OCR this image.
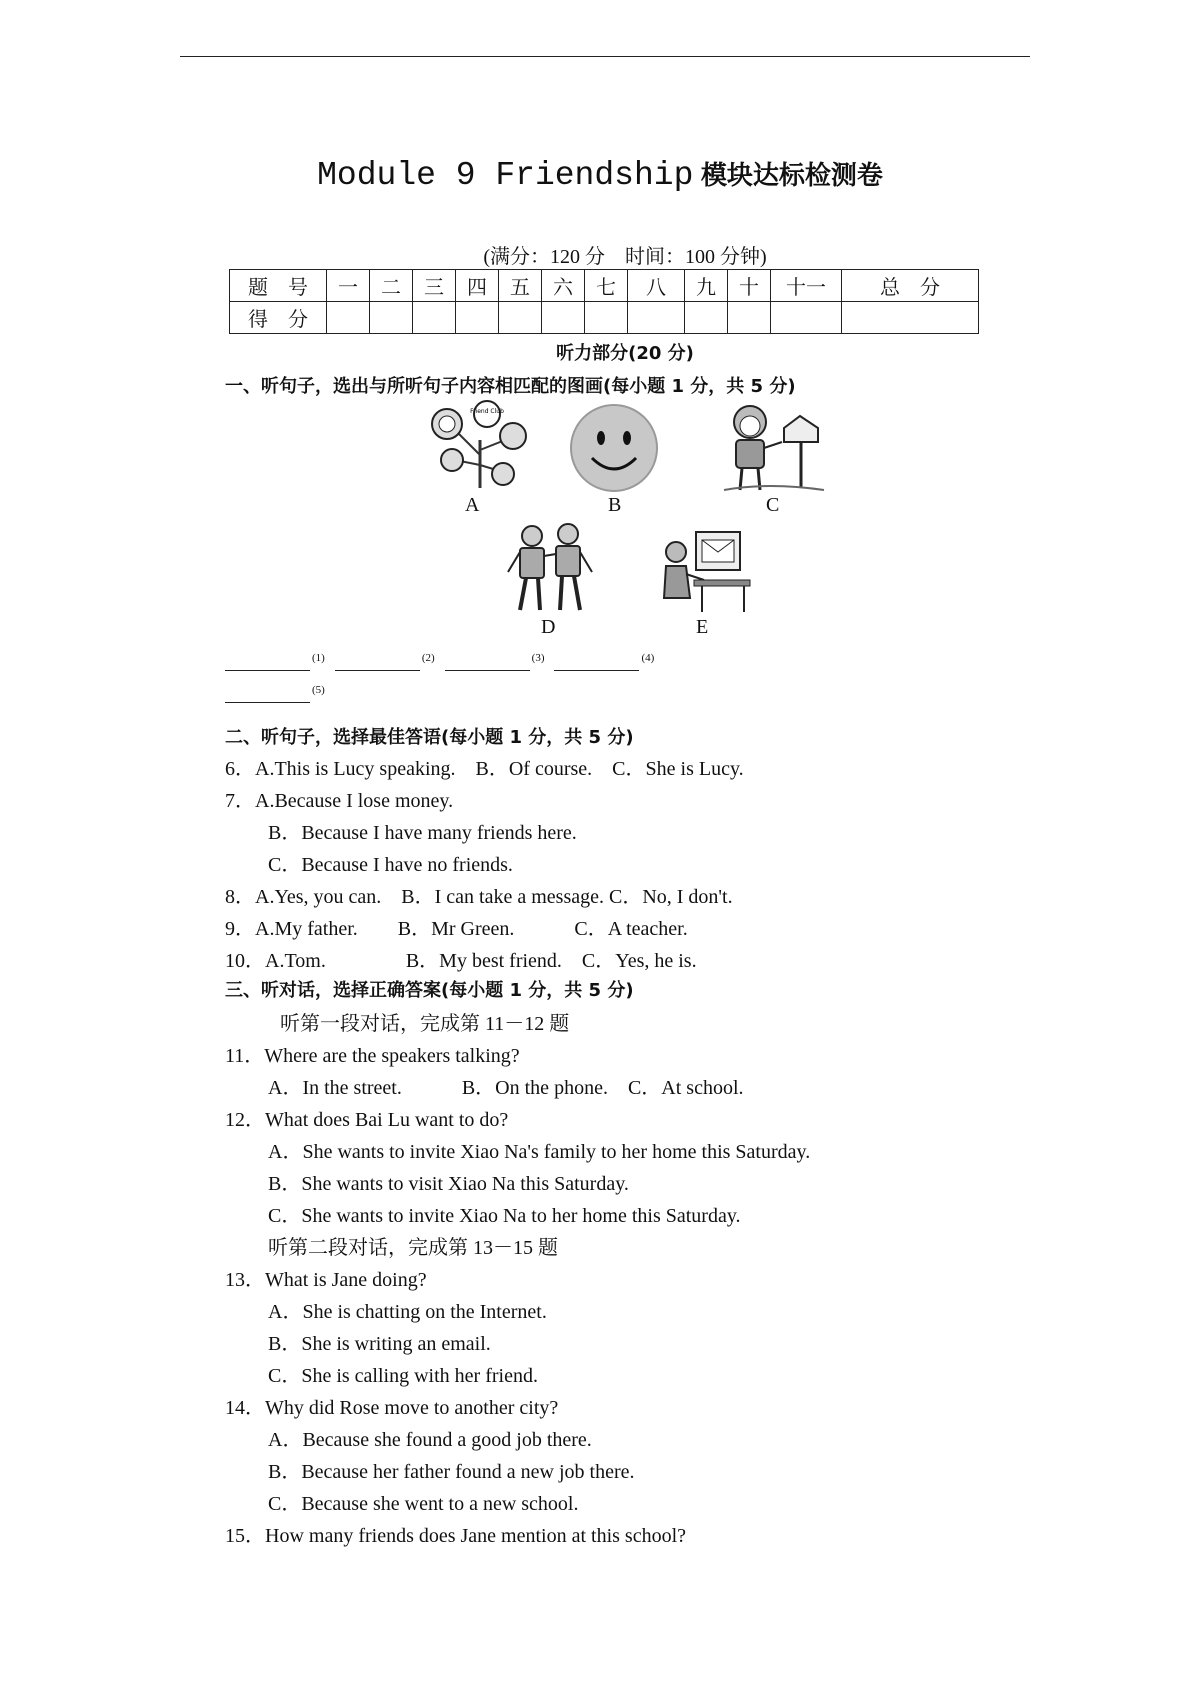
Module 9 Friendship 模块达标检测卷
(满分：120 分　时间：100 分钟)
题　号	一	二	三	四	五	六	七	八	九	十	十一	总　分
得　分												
听力部分(20 分)
一、听句子，选出与所听句子内容相匹配的图画(每小题 1 分，共 5 分)
Friend Club
A	B	C
D	E
$^{(1)}$	$^{(2)}$	$^{(3)}$	$^{(4)}$
$^{(5)}$
二、听句子，选择最佳答语(每小题 1 分，共 5 分)
6．A.This is Lucy speaking.　B．Of course.　C．She is Lucy.
7．A.Because I lose money.
B．Because I have many friends here.
C．Because I have no friends.
8．A.Yes, you can.　B．I can take a message. C．No, I don't.
9．A.My father.　　B．Mr Green.　　　C．A teacher.
10．A.Tom.　　　　B．My best friend.　C．Yes, he is.
三、听对话，选择正确答案(每小题 1 分，共 5 分)
听第一段对话，完成第 11－12 题
11．Where are the speakers talking?
A．In the street.　　　B．On the phone.　C．At school.
12．What does Bai Lu want to do?
A．She wants to invite Xiao Na's family to her home this Saturday.
B．She wants to visit Xiao Na this Saturday.
C．She wants to invite Xiao Na to her home this Saturday.
听第二段对话，完成第 13－15 题
13．What is Jane doing?
A．She is chatting on the Internet.
B．She is writing an email.
C．She is calling with her friend.
14．Why did Rose move to another city?
A．Because she found a good job there.
B．Because her father found a new job there.
C．Because she went to a new school.
15．How many friends does Jane mention at this school?
